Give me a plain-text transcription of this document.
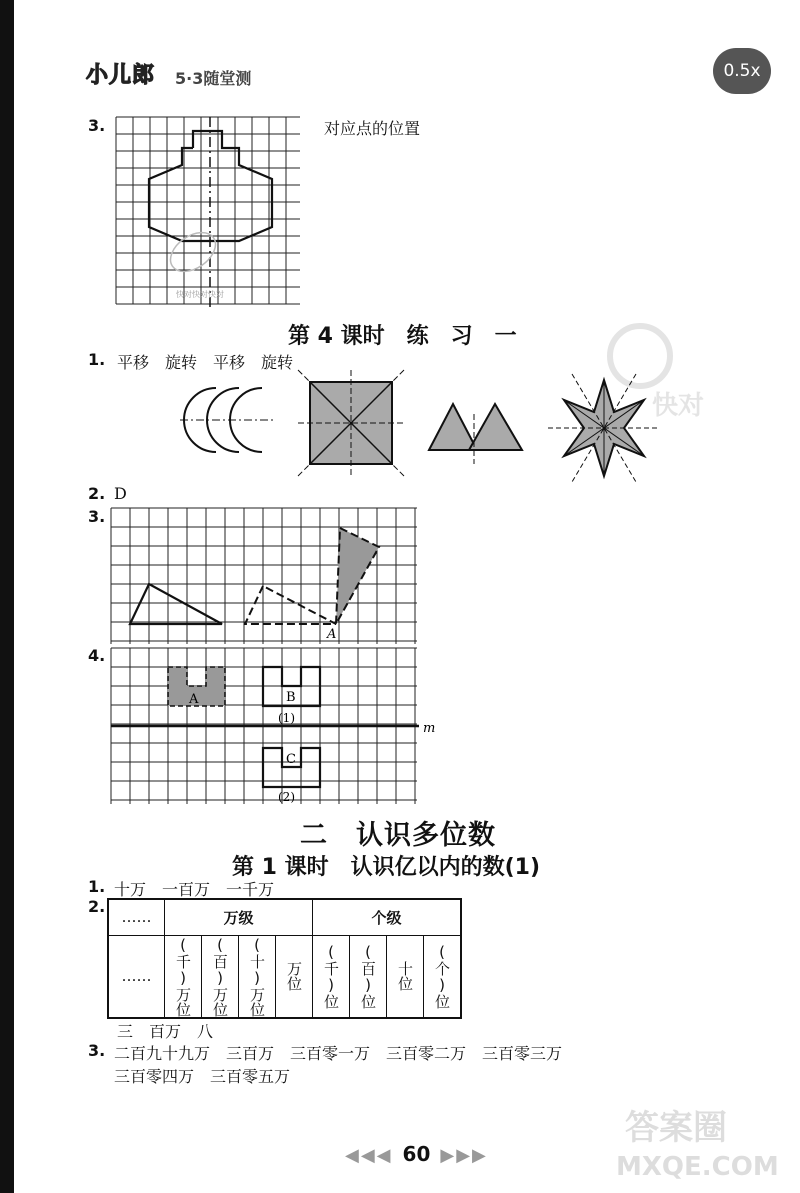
小儿郎 5·3随堂测	0.5x
3.
快对快对快对
对应点的位置
第 4 课时　练　习　一
1. 平移　旋转　平移　旋转
快对
2. D
3.
A
4.
A	B
(1)
C
(2)
m
二　认识多位数
第 1 课时　认识亿以内的数(1)
1. 十万　一百万　一千万
2.
……	万级				个级			
……	(千)万位	(百)万位	(十)万位	万位	(千)位	(百)位	十位	(个)位
三　百万　八
3. 二百九十九万　三百万　三百零一万　三百零二万　三百零三万
三百零四万　三百零五万
◀◀◀ 60 ▶▶▶
答案圈
MXQE.COM
